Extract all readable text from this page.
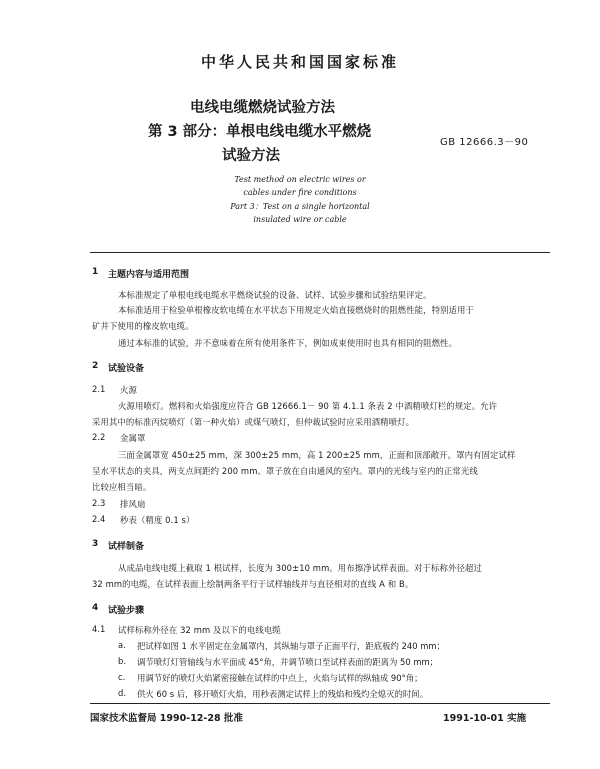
中华人民共和国国家标准
电线电缆燃烧试验方法
第 3 部分：单根电线电缆水平燃烧
试验方法
GB 12666.3－90
Test method on electric wires or
cables under fire conditions
Part 3：Test on a single horizontal
insulated wire or cable
1 主题内容与适用范围
本标准规定了单根电线电缆水平燃烧试验的设备、试样、试验步骤和试验结果评定。
本标准适用于检验单根橡皮软电缆在水平状态下用规定火焰直接燃烧时的阻燃性能，特别适用于
矿井下使用的橡皮软电缆。
通过本标准的试验，并不意味着在所有使用条件下，例如成束使用时也具有相同的阻燃性。
2 试验设备
2.1 火源
火源用喷灯。燃料和火焰强度应符合 GB 12666.1－ 90 第 4.1.1 条表 2 中酒精喷灯栏的规定。允许
采用其中的标准丙烷喷灯（第一种火焰）或煤气喷灯，但仲裁试验时应采用酒精喷灯。
2.2 金属罩
三面金属罩宽 450±25 mm，深 300±25 mm，高 1 200±25 mm，正面和顶部敞开。罩内有固定试样
呈水平状态的夹具，两支点间距约 200 mm。罩子放在自由通风的室内。罩内的光线与室内的正常光线
比较应相当暗。
2.3 排风扇
2.4 秒表（精度 0.1 s）
3 试样制备
从成品电线电缆上截取 1 根试样，长度为 300±10 mm。用布擦净试样表面。对于标称外径超过
32 mm的电缆，在试样表面上绘制两条平行于试样轴线并与直径相对的直线 A 和 B。
4 试验步骤
4.1 试样标称外径在 32 mm 及以下的电线电缆
a. 把试样如图 1 水平固定在金属罩内，其纵轴与罩子正面平行，距底板约 240 mm；
b. 调节喷灯灯管轴线与水平面成 45°角，并调节喷口至试样表面的距离为 50 mm；
c. 用调节好的喷灯火焰紧密接触在试样的中点上，火焰与试样的纵轴成 90°角；
d. 供火 60 s 后，移开喷灯火焰，用秒表测定试样上的残焰和残灼全熄灭的时间。
国家技术监督局 1990-12-28 批准	1991-10-01 实施
